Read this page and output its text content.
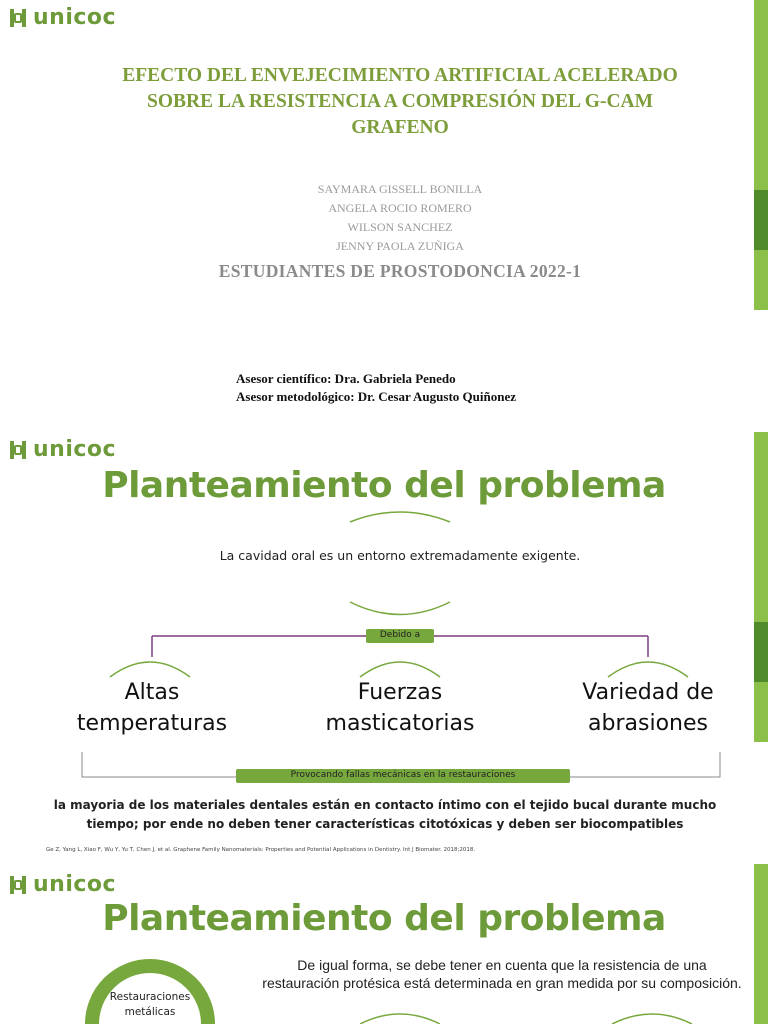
unicoc
EFECTO DEL ENVEJECIMIENTO ARTIFICIAL ACELERADO SOBRE LA RESISTENCIA A COMPRESIÓN DEL G-CAM GRAFENO
SAYMARA GISSELL BONILLA
ANGELA ROCIO ROMERO
WILSON SANCHEZ
JENNY PAOLA ZUÑIGA
ESTUDIANTES DE PROSTODONCIA 2022-1
Asesor científico: Dra. Gabriela Penedo
Asesor metodológico: Dr. Cesar Augusto Quiñonez
unicoc
Planteamiento del problema
La cavidad oral es un entorno extremadamente exigente.
Debido a
Altas
temperaturas
Fuerzas
masticatorias
Variedad de
abrasiones
Provocando fallas mecánicas en la restauraciones
la mayoria de los materiales dentales están en contacto íntimo con el tejido bucal durante mucho tiempo; por ende no deben tener características citotóxicas y deben ser biocompatibles
Ge Z, Yang L, Xiao F, Wu Y, Yu T, Chen J, et al. Graphene Family Nanomaterials: Properties and Potential Applications in Dentistry. Int J Biomater. 2018;2018.
unicoc
Planteamiento del problema
De igual forma, se debe tener en cuenta que la resistencia de una restauración protésica está determinada en gran medida por su composición.
Restauraciones metálicas
